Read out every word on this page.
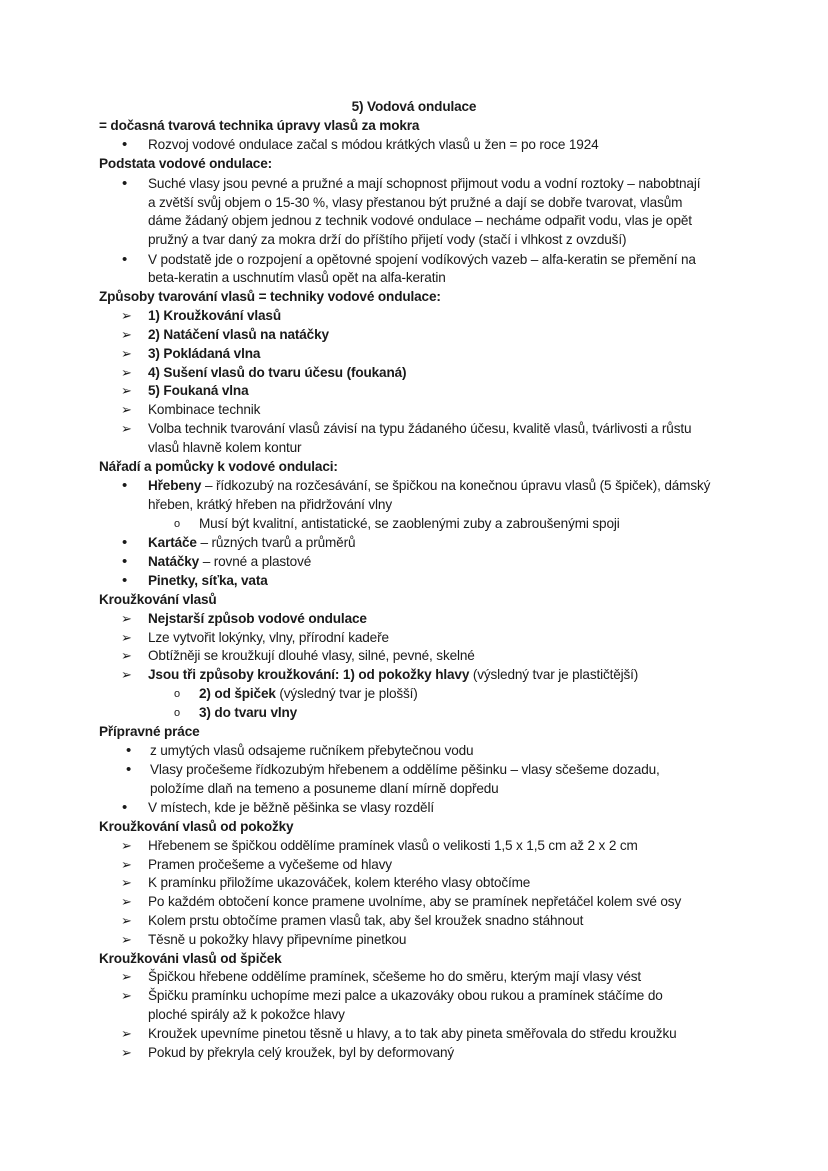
5) Vodová ondulace
= dočasná tvarová technika úpravy vlasů za mokra
• Rozvoj vodové ondulace začal s módou krátkých vlasů u žen = po roce 1924
Podstata vodové ondulace:
• Suché vlasy jsou pevné a pružné a mají schopnost přijmout vodu a vodní roztoky – nabobtnají
a zvětší svůj objem o 15-30 %, vlasy přestanou být pružné a dají se dobře tvarovat, vlasům
dáme žádaný objem jednou z technik vodové ondulace – necháme odpařit vodu, vlas je opět
pružný a tvar daný za mokra drží do příštího přijetí vody (stačí i vlhkost z ovzduší)
• V podstatě jde o rozpojení a opětovné spojení vodíkových vazeb – alfa-keratin se přemění na
beta-keratin a uschnutím vlasů opět na alfa-keratin
Způsoby tvarování vlasů = techniky vodové ondulace:
➢ 1) Kroužkování vlasů
➢ 2) Natáčení vlasů na natáčky
➢ 3) Pokládaná vlna
➢ 4) Sušení vlasů do tvaru účesu (foukaná)
➢ 5) Foukaná vlna
➢ Kombinace technik
➢ Volba technik tvarování vlasů závisí na typu žádaného účesu, kvalitě vlasů, tvárlivosti a růstu
vlasů hlavně kolem kontur
Nářadí a pomůcky k vodové ondulaci:
• Hřebeny – řídkozubý na rozčesávání, se špičkou na konečnou úpravu vlasů (5 špiček), dámský
hřeben, krátký hřeben na přidržování vlny
o Musí být kvalitní, antistatické, se zaoblenými zuby a zabroušenými spoji
• Kartáče – různých tvarů a průměrů
• Natáčky – rovné a plastové
• Pinetky, síťka, vata
Kroužkování vlasů
➢ Nejstarší způsob vodové ondulace
➢ Lze vytvořit lokýnky, vlny, přírodní kadeře
➢ Obtížněji se kroužkují dlouhé vlasy, silné, pevné, skelné
➢ Jsou tři způsoby kroužkování: 1) od pokožky hlavy (výsledný tvar je plastičtější)
o 2) od špiček (výsledný tvar je plošší)
o 3) do tvaru vlny
Přípravné práce
• z umytých vlasů odsajeme ručníkem přebytečnou vodu
• Vlasy pročešeme řídkozubým hřebenem a oddělíme pěšinku – vlasy sčešeme dozadu,
položíme dlaň na temeno a posuneme dlaní mírně dopředu
• V místech, kde je běžně pěšinka se vlasy rozdělí
Kroužkování vlasů od pokožky
➢ Hřebenem se špičkou oddělíme pramínek vlasů o velikosti 1,5 x 1,5 cm až 2 x 2 cm
➢ Pramen pročešeme a vyčešeme od hlavy
➢ K pramínku přiložíme ukazováček, kolem kterého vlasy obtočíme
➢ Po každém obtočení konce pramene uvolníme, aby se pramínek nepřetáčel kolem své osy
➢ Kolem prstu obtočíme pramen vlasů tak, aby šel kroužek snadno stáhnout
➢ Těsně u pokožky hlavy připevníme pinetkou
Kroužkováni vlasů od špiček
➢ Špičkou hřebene oddělíme pramínek, sčešeme ho do směru, kterým mají vlasy vést
➢ Špičku pramínku uchopíme mezi palce a ukazováky obou rukou a pramínek stáčíme do
ploché spirály až k pokožce hlavy
➢ Kroužek upevníme pinetou těsně u hlavy, a to tak aby pineta směřovala do středu kroužku
➢ Pokud by překryla celý kroužek, byl by deformovaný
